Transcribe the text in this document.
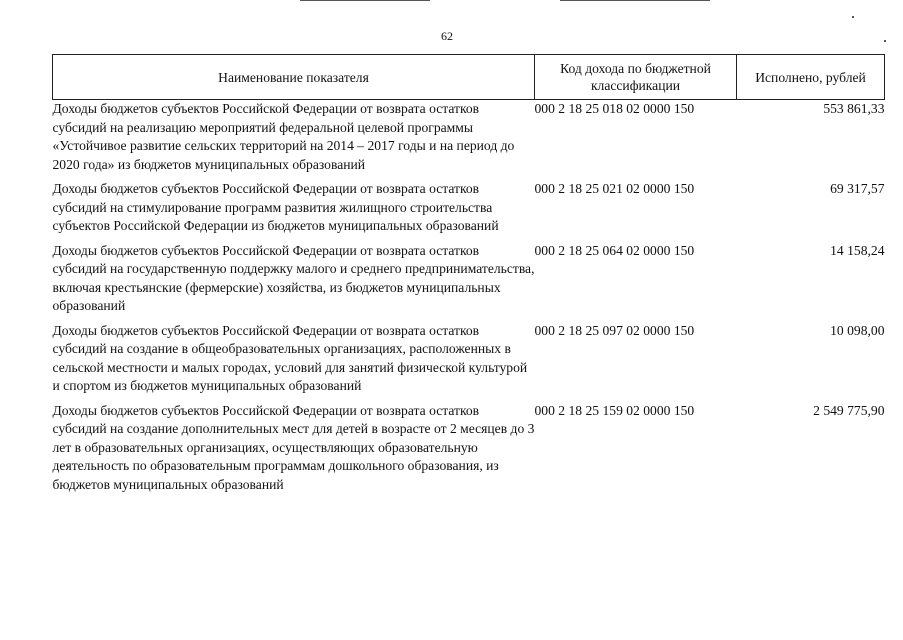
62
Наименование показателя	Код дохода по бюджетной классификации	Исполнено, рублей
Доходы бюджетов субъектов Российской Федерации от возврата остатков субсидий на реализацию мероприятий федеральной целевой программы «Устойчивое развитие сельских территорий на 2014 – 2017 годы и на период до 2020 года» из бюджетов муниципальных образований	000 2 18 25 018 02 0000 150	553 861,33
Доходы бюджетов субъектов Российской Федерации от возврата остатков субсидий на стимулирование программ развития жилищного строительства субъектов Российской Федерации из бюджетов муниципальных образований	000 2 18 25 021 02 0000 150	69 317,57
Доходы бюджетов субъектов Российской Федерации от возврата остатков субсидий на государственную поддержку малого и среднего предпринимательства, включая крестьянские (фермерские) хозяйства, из бюджетов муниципальных образований	000 2 18 25 064 02 0000 150	14 158,24
Доходы бюджетов субъектов Российской Федерации от возврата остатков субсидий на создание в общеобразовательных организациях, расположенных в сельской местности и малых городах, условий для занятий физической культурой и спортом из бюджетов муниципальных образований	000 2 18 25 097 02 0000 150	10 098,00
Доходы бюджетов субъектов Российской Федерации от возврата остатков субсидий на создание дополнительных мест для детей в возрасте от 2 месяцев до 3 лет в образовательных организациях, осуществляющих образовательную деятельность по образовательным программам дошкольного образования, из бюджетов муниципальных образований	000 2 18 25 159 02 0000 150	2 549 775,90
